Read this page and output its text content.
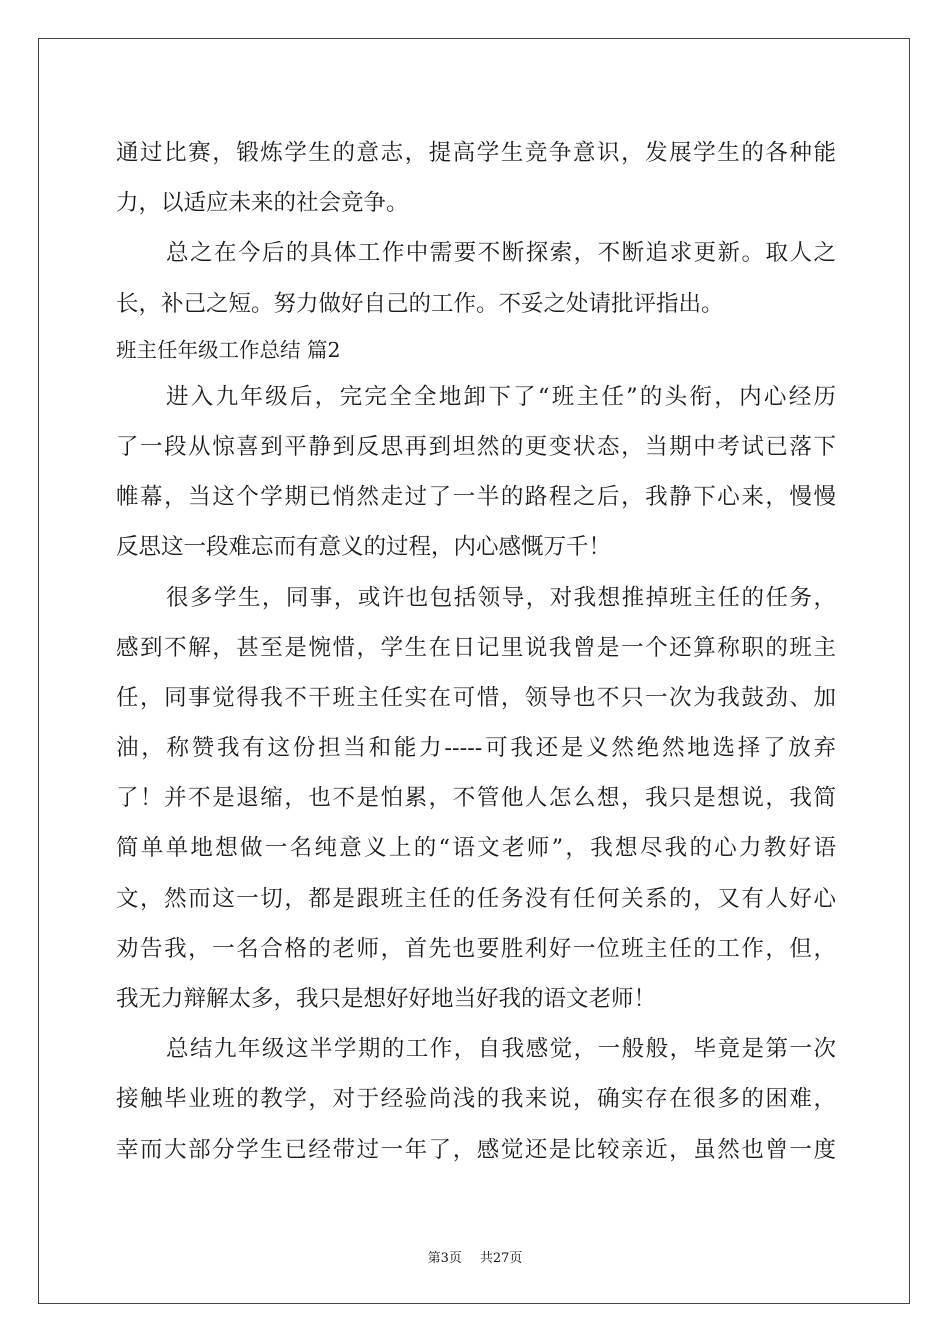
通过比赛，锻炼学生的意志，提高学生竞争意识，发展学生的各种能
力，以适应未来的社会竞争。
总之在今后的具体工作中需要不断探索，不断追求更新。取人之
长，补己之短。努力做好自己的工作。不妥之处请批评指出。
班主任年级工作总结 篇2
进入九年级后，完完全全地卸下了“班主任”的头衔，内心经历
了一段从惊喜到平静到反思再到坦然的更变状态，当期中考试已落下
帷幕，当这个学期已悄然走过了一半的路程之后，我静下心来，慢慢
反思这一段难忘而有意义的过程，内心感慨万千！
很多学生，同事，或许也包括领导，对我想推掉班主任的任务，
感到不解，甚至是惋惜，学生在日记里说我曾是一个还算称职的班主
任，同事觉得我不干班主任实在可惜，领导也不只一次为我鼓劲、加
油，称赞我有这份担当和能力-----可我还是义然绝然地选择了放弃
了！并不是退缩，也不是怕累，不管他人怎么想，我只是想说，我简
简单单地想做一名纯意义上的“语文老师”，我想尽我的心力教好语
文，然而这一切，都是跟班主任的任务没有任何关系的，又有人好心
劝告我，一名合格的老师，首先也要胜利好一位班主任的工作，但，
我无力辩解太多，我只是想好好地当好我的语文老师！
总结九年级这半学期的工作，自我感觉，一般般，毕竟是第一次
接触毕业班的教学，对于经验尚浅的我来说，确实存在很多的困难，
幸而大部分学生已经带过一年了，感觉还是比较亲近，虽然也曾一度
第3页 共27页
